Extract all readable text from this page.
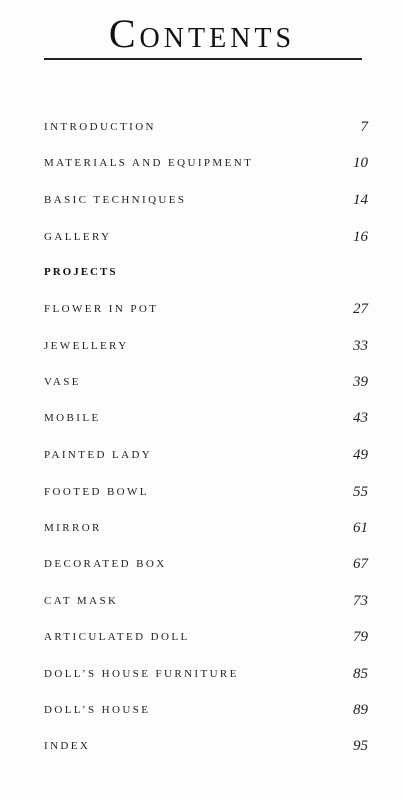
Contents
INTRODUCTION	7
MATERIALS AND EQUIPMENT	10
BASIC TECHNIQUES	14
GALLERY	16
PROJECTS
FLOWER IN POT	27
JEWELLERY	33
VASE	39
MOBILE	43
PAINTED LADY	49
FOOTED BOWL	55
MIRROR	61
DECORATED BOX	67
CAT MASK	73
ARTICULATED DOLL	79
DOLL’S HOUSE FURNITURE	85
DOLL’S HOUSE	89
INDEX	95
